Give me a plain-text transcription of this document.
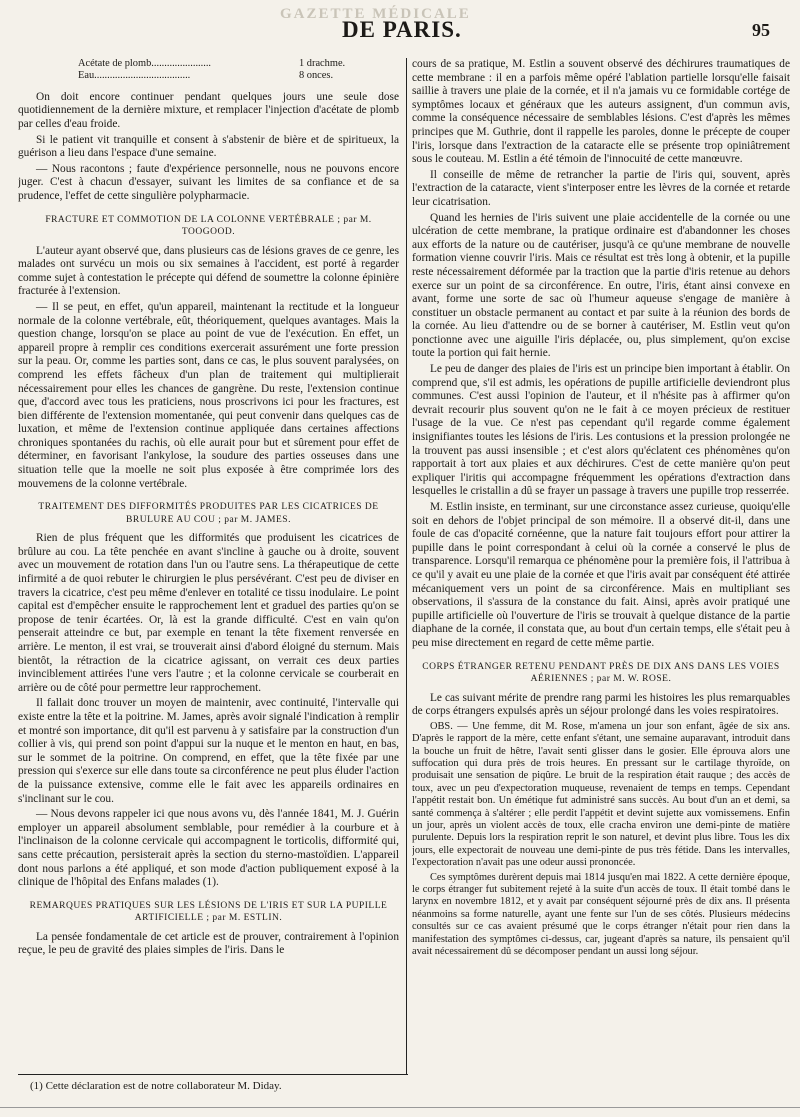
GAZETTE MÉDICALE
DE PARIS.	95
Acétate de plomb.......................	1 drachme.
Eau.....................................	8 onces.

On doit encore continuer pendant quelques jours une seule dose quotidiennement de la dernière mixture, et remplacer l'injection d'acétate de plomb par celles d'eau froide.

Si le patient vit tranquille et consent à s'abstenir de bière et de spiritueux, la guérison a lieu dans l'espace d'une semaine.

— Nous racontons ; faute d'expérience personnelle, nous ne pouvons encore juger. C'est à chacun d'essayer, suivant les limites de sa confiance et de sa prudence, l'effet de cette singulière polypharmacie.

FRACTURE ET COMMOTION DE LA COLONNE VERTÉBRALE ; par M. TOOGOOD.

L'auteur ayant observé que, dans plusieurs cas de lésions graves de ce genre, les malades ont survécu un mois ou six semaines à l'accident, est porté à regarder comme sujet à contestation le précepte qui défend de soumettre la colonne épinière fracturée à l'extension.

— Il se peut, en effet, qu'un appareil, maintenant la rectitude et la longueur normale de la colonne vertébrale, eût, théoriquement, quelques avantages. Mais la question change, lorsqu'on se place au point de vue de l'exécution. En effet, un appareil propre à remplir ces conditions exercerait assurément une forte pression sur la peau. Or, comme les parties sont, dans ce cas, le plus souvent paralysées, on comprend les effets fâcheux d'un plan de traitement qui multiplierait nécessairement pour elles les chances de gangrène. Du reste, l'extension continue que, d'accord avec tous les praticiens, nous proscrivons ici pour les fractures, est bien différente de l'extension momentanée, qui peut convenir dans quelques cas de luxation, et même de l'extension continue appliquée dans certaines affections chroniques spontanées du rachis, où elle aurait pour but et sûrement pour effet de déterminer, en favorisant l'ankylose, la soudure des parties osseuses dans une situation telle que la moelle ne soit plus exposée à être comprimée lors des mouvemens de la colonne vertébrale.

TRAITEMENT DES DIFFORMITÉS PRODUITES PAR LES CICATRICES DE BRULURE AU COU ; par M. JAMES.

Rien de plus fréquent que les difformités que produisent les cicatrices de brûlure au cou. La tête penchée en avant s'incline à gauche ou à droite, souvent avec un mouvement de rotation dans l'un ou l'autre sens. La thérapeutique de cette infirmité a de quoi rebuter le chirurgien le plus persévérant. C'est peu de diviser en travers la cicatrice, c'est peu même d'enlever en totalité ce tissu inodulaire. Le point capital est d'empêcher ensuite le rapprochement lent et graduel des parties qu'on se propose de tenir écartées. Or, là est la grande difficulté. C'est en vain qu'on penserait atteindre ce but, par exemple en tenant la tête fixement renversée en arrière. Le menton, il est vrai, se trouverait ainsi d'abord éloigné du sternum. Mais bientôt, la rétraction de la cicatrice agissant, on verrait ces deux parties invinciblement attirées l'une vers l'autre ; et la colonne cervicale se courberait en arrière ou de côté pour permettre leur rapprochement.

Il fallait donc trouver un moyen de maintenir, avec continuité, l'intervalle qui existe entre la tête et la poitrine. M. James, après avoir signalé l'indication à remplir et montré son importance, dit qu'il est parvenu à y satisfaire par la construction d'un collier à vis, qui prend son point d'appui sur la nuque et le menton en haut, en bas, sur le sommet de la poitrine. On comprend, en effet, que la tête fixée par une pression qui s'exerce sur elle dans toute sa circonférence ne peut plus éluder l'action de la puissance extensive, comme elle le fait avec les appareils ordinaires en s'inclinant sur le cou.

— Nous devons rappeler ici que nous avons vu, dès l'année 1841, M. J. Guérin employer un appareil absolument semblable, pour remédier à la courbure et à l'inclinaison de la colonne cervicale qui accompagnent le torticolis, difformité qui, sans cette précaution, persisterait après la section du sterno-mastoïdien. L'appareil dont nous parlons a été appliqué, et son mode d'action publiquement exposé à la clinique de l'hôpital des Enfans malades (1).

REMARQUES PRATIQUES SUR LES LÉSIONS DE L'IRIS ET SUR LA PUPILLE ARTIFICIELLE ; par M. ESTLIN.

La pensée fondamentale de cet article est de prouver, contrairement à l'opinion reçue, le peu de gravité des plaies simples de l'iris. Dans le

cours de sa pratique, M. Estlin a souvent observé des déchirures traumatiques de cette membrane : il en a parfois même opéré l'ablation partielle lorsqu'elle faisait saillie à travers une plaie de la cornée, et il n'a jamais vu ce formidable cortége de symptômes locaux et généraux que les auteurs assignent, d'un commun avis, comme la conséquence nécessaire de semblables lésions. C'est d'après les mêmes principes que M. Guthrie, dont il rappelle les paroles, donne le précepte de couper l'iris, lorsque dans l'extraction de la cataracte elle se présente trop opiniâtrement sous le couteau. M. Estlin a été témoin de l'innocuité de cette manœuvre.

Il conseille de même de retrancher la partie de l'iris qui, souvent, après l'extraction de la cataracte, vient s'interposer entre les lèvres de la cornée et retarde leur cicatrisation.

Quand les hernies de l'iris suivent une plaie accidentelle de la cornée ou une ulcération de cette membrane, la pratique ordinaire est d'abandonner les choses aux efforts de la nature ou de cautériser, jusqu'à ce qu'une membrane de nouvelle formation vienne couvrir l'iris. Mais ce résultat est très long à obtenir, et la pupille reste nécessairement déformée par la traction que la partie d'iris retenue au dehors exerce sur un point de sa circonférence. En outre, l'iris, étant ainsi convexe en avant, forme une sorte de sac où l'humeur aqueuse s'engage de manière à constituer un obstacle permanent au contact et par suite à la réunion des bords de la cornée. Au lieu d'attendre ou de se borner à cautériser, M. Estlin veut qu'on ponctionne avec une aiguille l'iris déplacée, ou, plus simplement, qu'on excise toute la portion qui fait hernie.

Le peu de danger des plaies de l'iris est un principe bien important à établir. On comprend que, s'il est admis, les opérations de pupille artificielle deviendront plus communes. C'est aussi l'opinion de l'auteur, et il n'hésite pas à affirmer qu'on devrait recourir plus souvent qu'on ne le fait à ce moyen précieux de restituer l'usage de la vue. Ce n'est pas cependant qu'il regarde comme également insignifiantes toutes les lésions de l'iris. Les contusions et la pression prolongée ne la trouvent pas aussi insensible ; et c'est alors qu'éclatent ces phénomènes qu'on rapportait à tort aux plaies et aux déchirures. C'est de cette manière qu'on peut expliquer l'iritis qui accompagne fréquemment les opérations d'extraction dans lesquelles le cristallin a dû se frayer un passage à travers une pupille trop resserrée.

M. Estlin insiste, en terminant, sur une circonstance assez curieuse, quoiqu'elle soit en dehors de l'objet principal de son mémoire. Il a observé dit-il, dans une foule de cas d'opacité cornéenne, que la nature fait toujours effort pour attirer la pupille dans le point correspondant à celui où la cornée a conservé le plus de transparence. Lorsqu'il remarqua ce phénomène pour la première fois, il l'attribua à ce qu'il y avait eu une plaie de la cornée et que l'iris avait par conséquent été attirée mécaniquement vers un point de sa circonférence. Mais en multipliant ses observations, il s'assura de la constance du fait. Ainsi, après avoir pratiqué une pupille artificielle où l'ouverture de l'iris se trouvait à quelque distance de la partie diaphane de la cornée, il constata que, au bout d'un certain temps, elle s'était peu à peu mise directement en regard de cette même partie.

CORPS ÉTRANGER RETENU PENDANT PRÈS DE DIX ANS DANS LES VOIES AÉRIENNES ; par M. W. ROSE.

Le cas suivant mérite de prendre rang parmi les histoires les plus remarquables de corps étrangers expulsés après un séjour prolongé dans les voies respiratoires.

OBS. — Une femme, dit M. Rose, m'amena un jour son enfant, âgée de six ans. D'après le rapport de la mère, cette enfant s'étant, une semaine auparavant, introduit dans la bouche un fruit de hêtre, l'avait senti glisser dans le gosier. Elle éprouva alors une suffocation qui dura près de trois heures. En pressant sur le cartilage thyroïde, on produisait une sensation de piqûre. Le bruit de la respiration était rauque ; des accès de toux, avec un peu d'expectoration muqueuse, revenaient de temps en temps. Cependant l'appétit restait bon. Un émétique fut administré sans succès. Au bout d'un an et demi, sa santé commença à s'altérer ; elle perdit l'appétit et devint sujette aux vomissemens. Enfin un jour, après un violent accès de toux, elle cracha environ une demi-pinte de matière purulente. Depuis lors la respiration reprit le son naturel, et devint plus libre. Tous les dix jours, elle expectorait de nouveau une demi-pinte de pus très fétide. Dans les intervalles, l'expectoration n'avait pas une odeur aussi prononcée.

Ces symptômes durèrent depuis mai 1814 jusqu'en mai 1822. A cette dernière époque, le corps étranger fut subitement rejeté à la suite d'un accès de toux. Il était tombé dans le larynx en novembre 1812, et y avait par conséquent séjourné près de dix ans. Il présenta néanmoins sa forme naturelle, ayant une fente sur l'un de ses côtés. Plusieurs médecins consultés sur ce cas avaient présumé que le corps étranger n'était pour rien dans la manifestation des symptômes ci-dessus, car, jugeant d'après sa nature, ils pensaient qu'il avait nécessairement dû se décomposer pendant un aussi long séjour.

(1) Cette déclaration est de notre collaborateur M. Diday.
